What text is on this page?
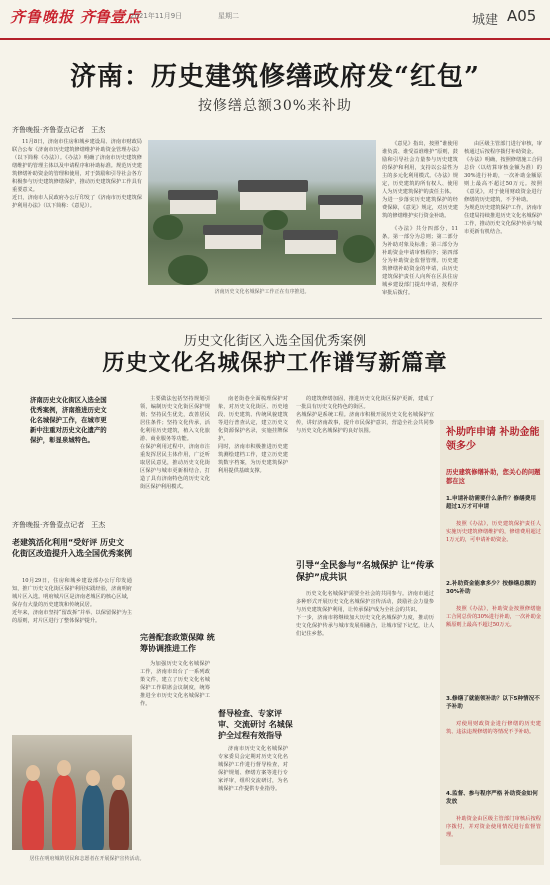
齐鲁晚报 齐鲁壹点
2021年11月9日	星期二	城建 A05
济南：历史建筑修缮政府发“红包”
按修缮总额30%来补助
齐鲁晚报·齐鲁壹点记者　王杰
11月8日，济南市住房和城乡建设局、济南市财政局联合公布《济南市历史建筑修缮维护补助资金管理办法》（以下简称《办法》）。《办法》明确了济南市历史建筑修缮维护的管理主体以及申请程序和补助标准。规范历史建筑修缮补助资金的管理和使用，对于鼓励和引导社会各方积极参与历史建筑修缮保护，推动历史建筑保护工作具有重要意义。
近日，济南市人民政府办公厅印发了《济南市历史建筑保护利用办法》（以下简称：《意见》）。
济南历史文化名城保护工作正在有序推进。
《意见》指出，按照“谁使用谁负责、谁受益谁维护”原则，鼓励和引导社会力量参与历史建筑的保护和利用，支持以公益性为主的多元化利用模式。《办法》规定，历史建筑的所有权人、使用人为历史建筑保护的责任主体。
为进一步落实历史建筑保护的经费保障，《意见》规定，对历史建筑的修缮维护实行资金补助。
《办法》共分四部分，11条。第一部分为总则；第二部分为补助对象及标准；第三部分为补助资金申请审核程序；第四部分为补助资金监督管理。历史建筑修缮补助资金的申请，由历史建筑保护责任人向所在区县住房城乡建设部门提出申请，按程序审批后拨付。
由区级主管部门进行审核，审核通过后按程序拨付补助资金。
《办法》明确，按照修缮施工合同总价（以结算审核金额为准）的30%进行补助，一次补助金额原则上最高不超过50万元。按照《意见》，对于使用财政资金进行修缮的历史建筑，不予补助。
为规范历史建筑保护工作，济南市住建局持续推进历史文化名城保护工作，推动历史文化保护传承与城市更新有机结合。
历史文化街区入选全国优秀案例
历史文化名城保护工作谱写新篇章
济南历史文化街区入选全国优秀案例，济南推进历史文化名城保护工作，在城市更新中注重对历史文化遗产的保护，彰显泉城特色。
齐鲁晚报·齐鲁壹点记者　王杰
老建筑活化利用“受好评 历史文化街区改造提升入选全国优秀案例
10月29日，住房和城乡建设部办公厅印发通知，推广历史文化街区保护利用实践经验，济南明府城片区入选。明府城片区是济南老城区的核心区域，保存有大量的历史建筑和传统民居。
近年来，济南市坚持“留改拆”并举、以保留保护为主的原则，对片区进行了整体保护提升。
居住在明府城的居民和志愿者在开展保护宣传活动。
主要做法包括坚持规划引领，编制历史文化街区保护规划；坚持民生优先，改善居民居住条件；坚持文化传承，活化利用历史建筑，植入文化旅游、商业服务等功能。
在保护利用过程中，济南市注重发挥居民主体作用，广泛听取居民意见，推动历史文化街区保护与城市更新相结合，打造了具有济南特色的历史文化街区保护利用模式。
完善配套政策保障 统筹协调推进工作
为加强历史文化名城保护工作，济南市出台了一系列政策文件，建立了历史文化名城保护工作联席会议制度，统筹推进全市历史文化名城保护工作。
南老街巷全面梳理保护对象，对历史文化街区、历史地段、历史建筑、传统风貌建筑等进行普查认定，建立历史文化资源保护名录，实施挂牌保护。
同时，济南市积极推进历史建筑测绘建档工作，建立历史建筑数字档案，为历史建筑保护利用提供基础支撑。
督导检查、专家评审、交流研讨 名城保护全过程有效指导
济南市历史文化名城保护专家委员会定期对历史文化名城保护工作进行督导检查，对保护规划、修缮方案等进行专家评审，组织交流研讨，为名城保护工作提供专业指导。
的建筑修缮加固，推进历史文化街区保护更新，建成了一批具有历史文化特色的街区。
名城保护是系统工程。济南市积极开展历史文化名城保护宣传，讲好济南故事，提升市民保护意识，营造全社会共同参与历史文化名城保护的良好氛围。
引导“全民参与”名城保护 让“传承保护”成共识
历史文化名城保护需要全社会的共同参与。济南市通过多种形式开展历史文化名城保护宣传活动，鼓励社会力量参与历史建筑保护利用，让传承保护成为全社会的共识。
下一步，济南市将继续加大历史文化名城保护力度，推动历史文化保护传承与城市发展相融合，让城市留下记忆，让人们记住乡愁。
补助咋申请 补助金能领多少
历史建筑修缮补助，您关心的问题都在这
1.申请补助需要什么条件？修缮费用超过1万才可申请
按照《办法》，历史建筑保护责任人实施历史建筑修缮维护的，修缮费用超过1万元的，可申请补助资金。
2.补助资金能拿多少？按修缮总额的30%补助
按照《办法》，补助资金按照修缮施工合同总价的30%进行补助，一次补助金额原则上最高不超过50万元。
3.修缮了就能领补助？以下5种情况不予补助
对使用财政资金进行修缮的历史建筑、违法违规修缮的等情况不予补助。
4.监督、参与程序严格 补助资金如何发放
补助资金由区级主管部门审核后按程序拨付，并对资金使用情况进行监督管理。
